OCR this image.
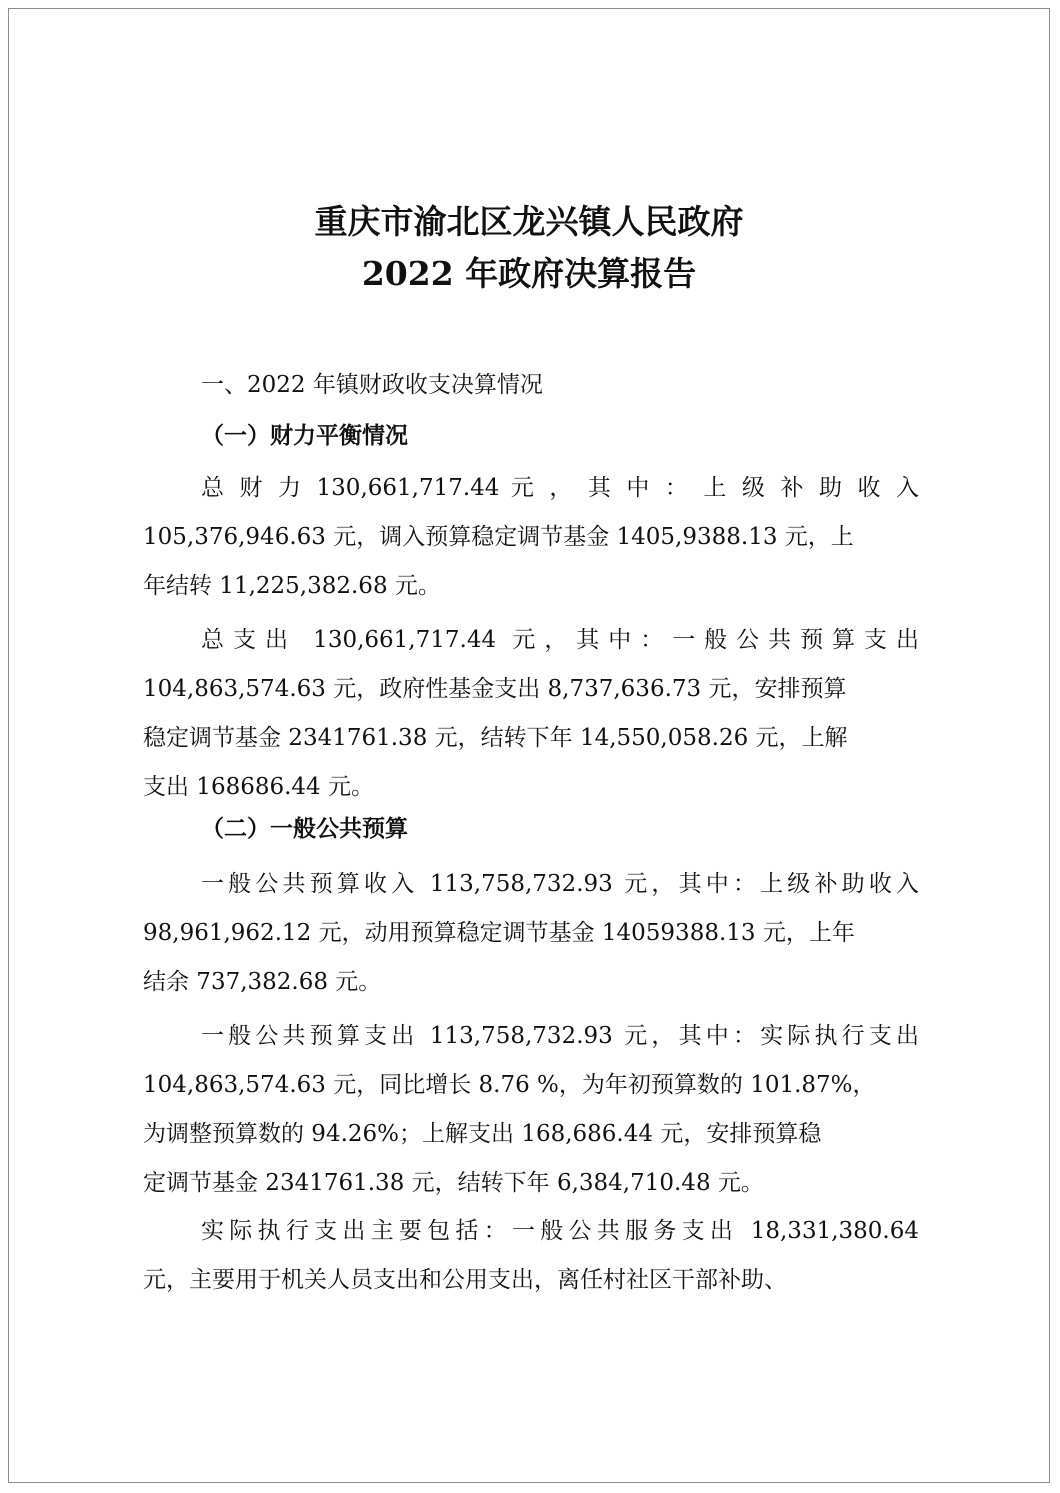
重庆市渝北区龙兴镇人民政府
2022 年政府决算报告
一、2022 年镇财政收支决算情况
（一）财力平衡情况
总 财 力 130,661,717.44 元 ， 其 中 ： 上 级 补 助 收 入
105,376,946.63 元，调入预算稳定调节基金 1405,9388.13 元，上
年结转 11,225,382.68 元。
总支出 130,661,717.44 元，其中：一般公共预算支出
104,863,574.63 元，政府性基金支出 8,737,636.73 元，安排预算
稳定调节基金 2341761.38 元，结转下年 14,550,058.26 元，上解
支出 168686.44 元。
（二）一般公共预算
一般公共预算收入 113,758,732.93 元，其中：上级补助收入
98,961,962.12 元，动用预算稳定调节基金 14059388.13 元，上年
结余 737,382.68 元。
一般公共预算支出 113,758,732.93 元，其中：实际执行支出
104,863,574.63 元，同比增长 8.76 %，为年初预算数的 101.87%，
为调整预算数的 94.26%；上解支出 168,686.44 元，安排预算稳
定调节基金 2341761.38 元，结转下年 6,384,710.48 元。
实际执行支出主要包括：一般公共服务支出 18,331,380.64
元，主要用于机关人员支出和公用支出，离任村社区干部补助、
